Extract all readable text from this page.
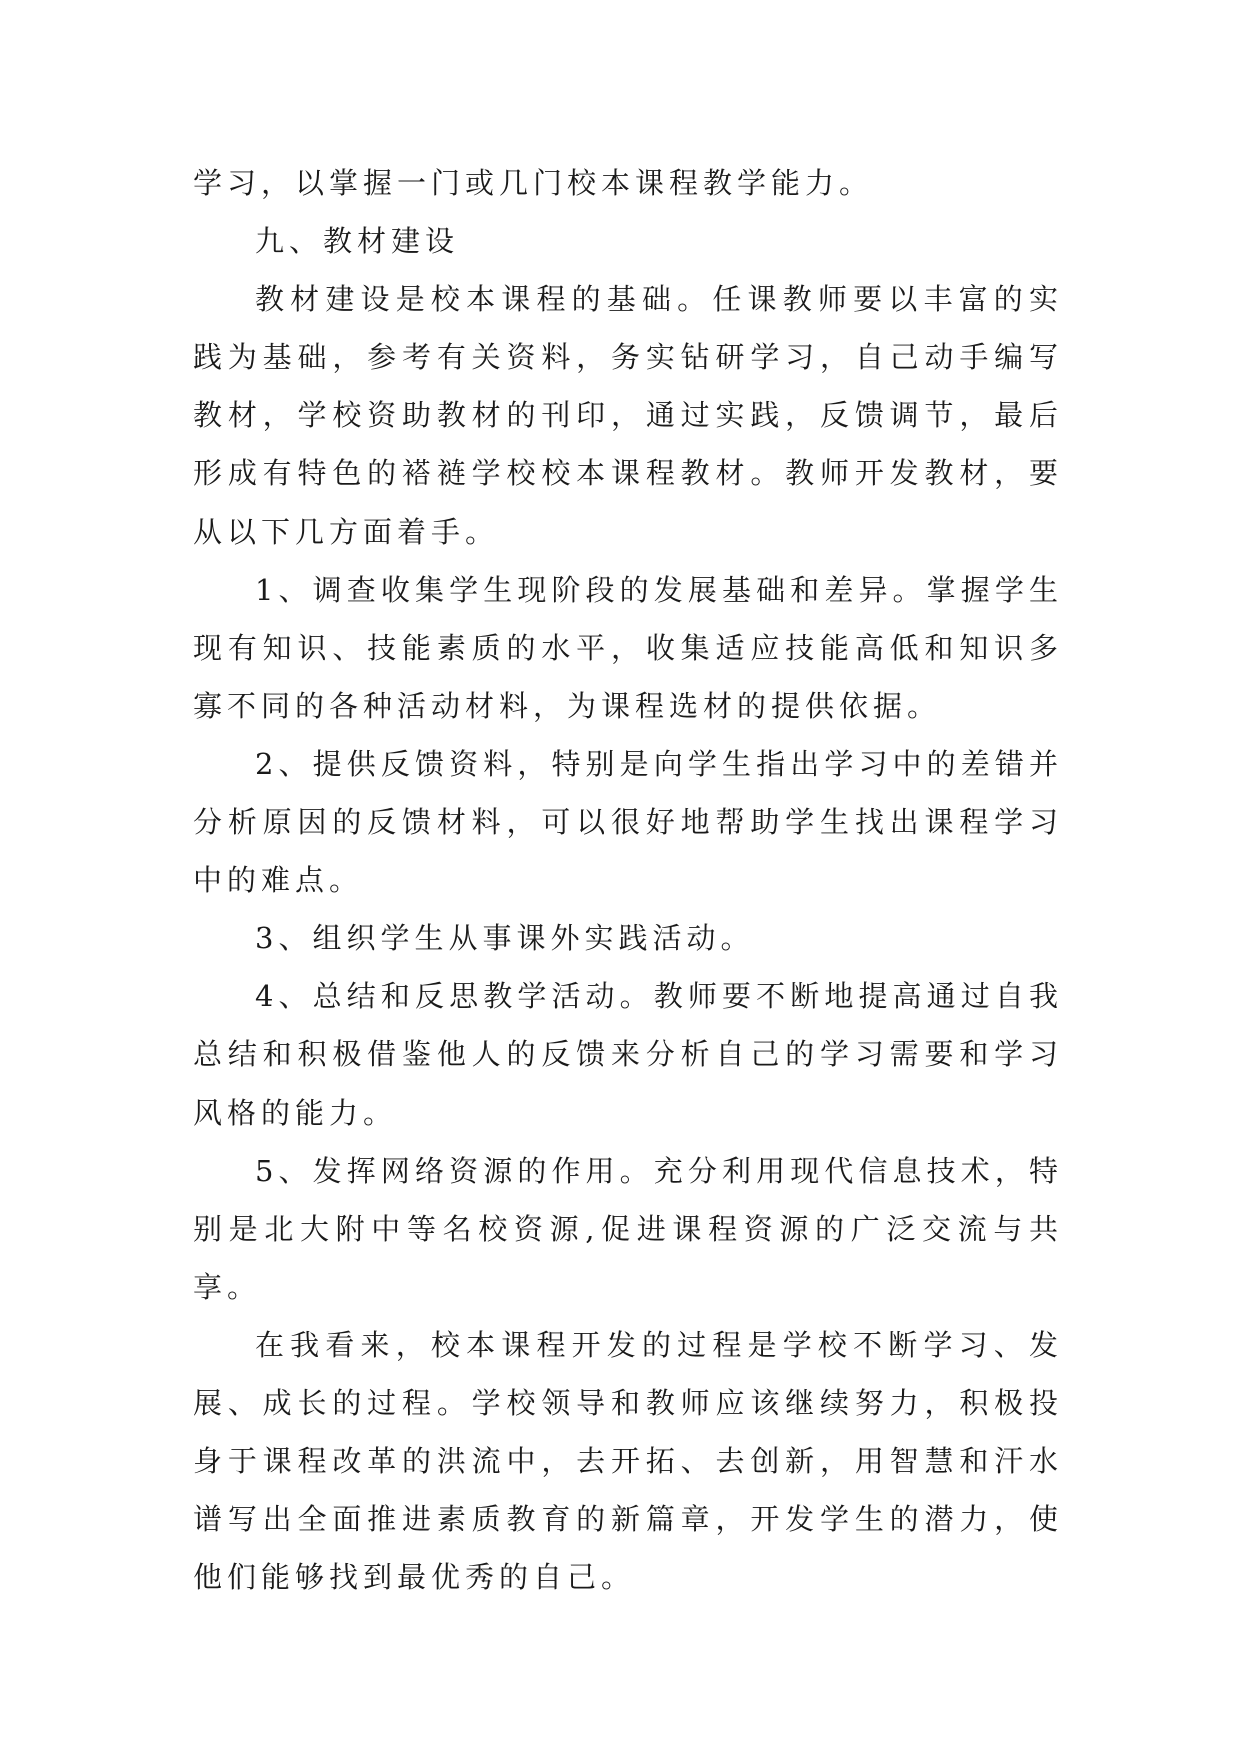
学习，以掌握一门或几门校本课程教学能力。

九、教材建设

教材建设是校本课程的基础。任课教师要以丰富的实践为基础，参考有关资料，务实钻研学习，自己动手编写教材，学校资助教材的刊印，通过实践，反馈调节，最后形成有特色的褡裢学校校本课程教材。教师开发教材，要从以下几方面着手。

1、调查收集学生现阶段的发展基础和差异。掌握学生现有知识、技能素质的水平，收集适应技能高低和知识多寡不同的各种活动材料，为课程选材的提供依据。

2、提供反馈资料，特别是向学生指出学习中的差错并分析原因的反馈材料，可以很好地帮助学生找出课程学习中的难点。

3、组织学生从事课外实践活动。

4、总结和反思教学活动。教师要不断地提高通过自我总结和积极借鉴他人的反馈来分析自己的学习需要和学习风格的能力。

5、发挥网络资源的作用。充分利用现代信息技术，特别是北大附中等名校资源,促进课程资源的广泛交流与共享。

在我看来，校本课程开发的过程是学校不断学习、发展、成长的过程。学校领导和教师应该继续努力，积极投身于课程改革的洪流中，去开拓、去创新，用智慧和汗水谱写出全面推进素质教育的新篇章，开发学生的潜力，使他们能够找到最优秀的自己。
